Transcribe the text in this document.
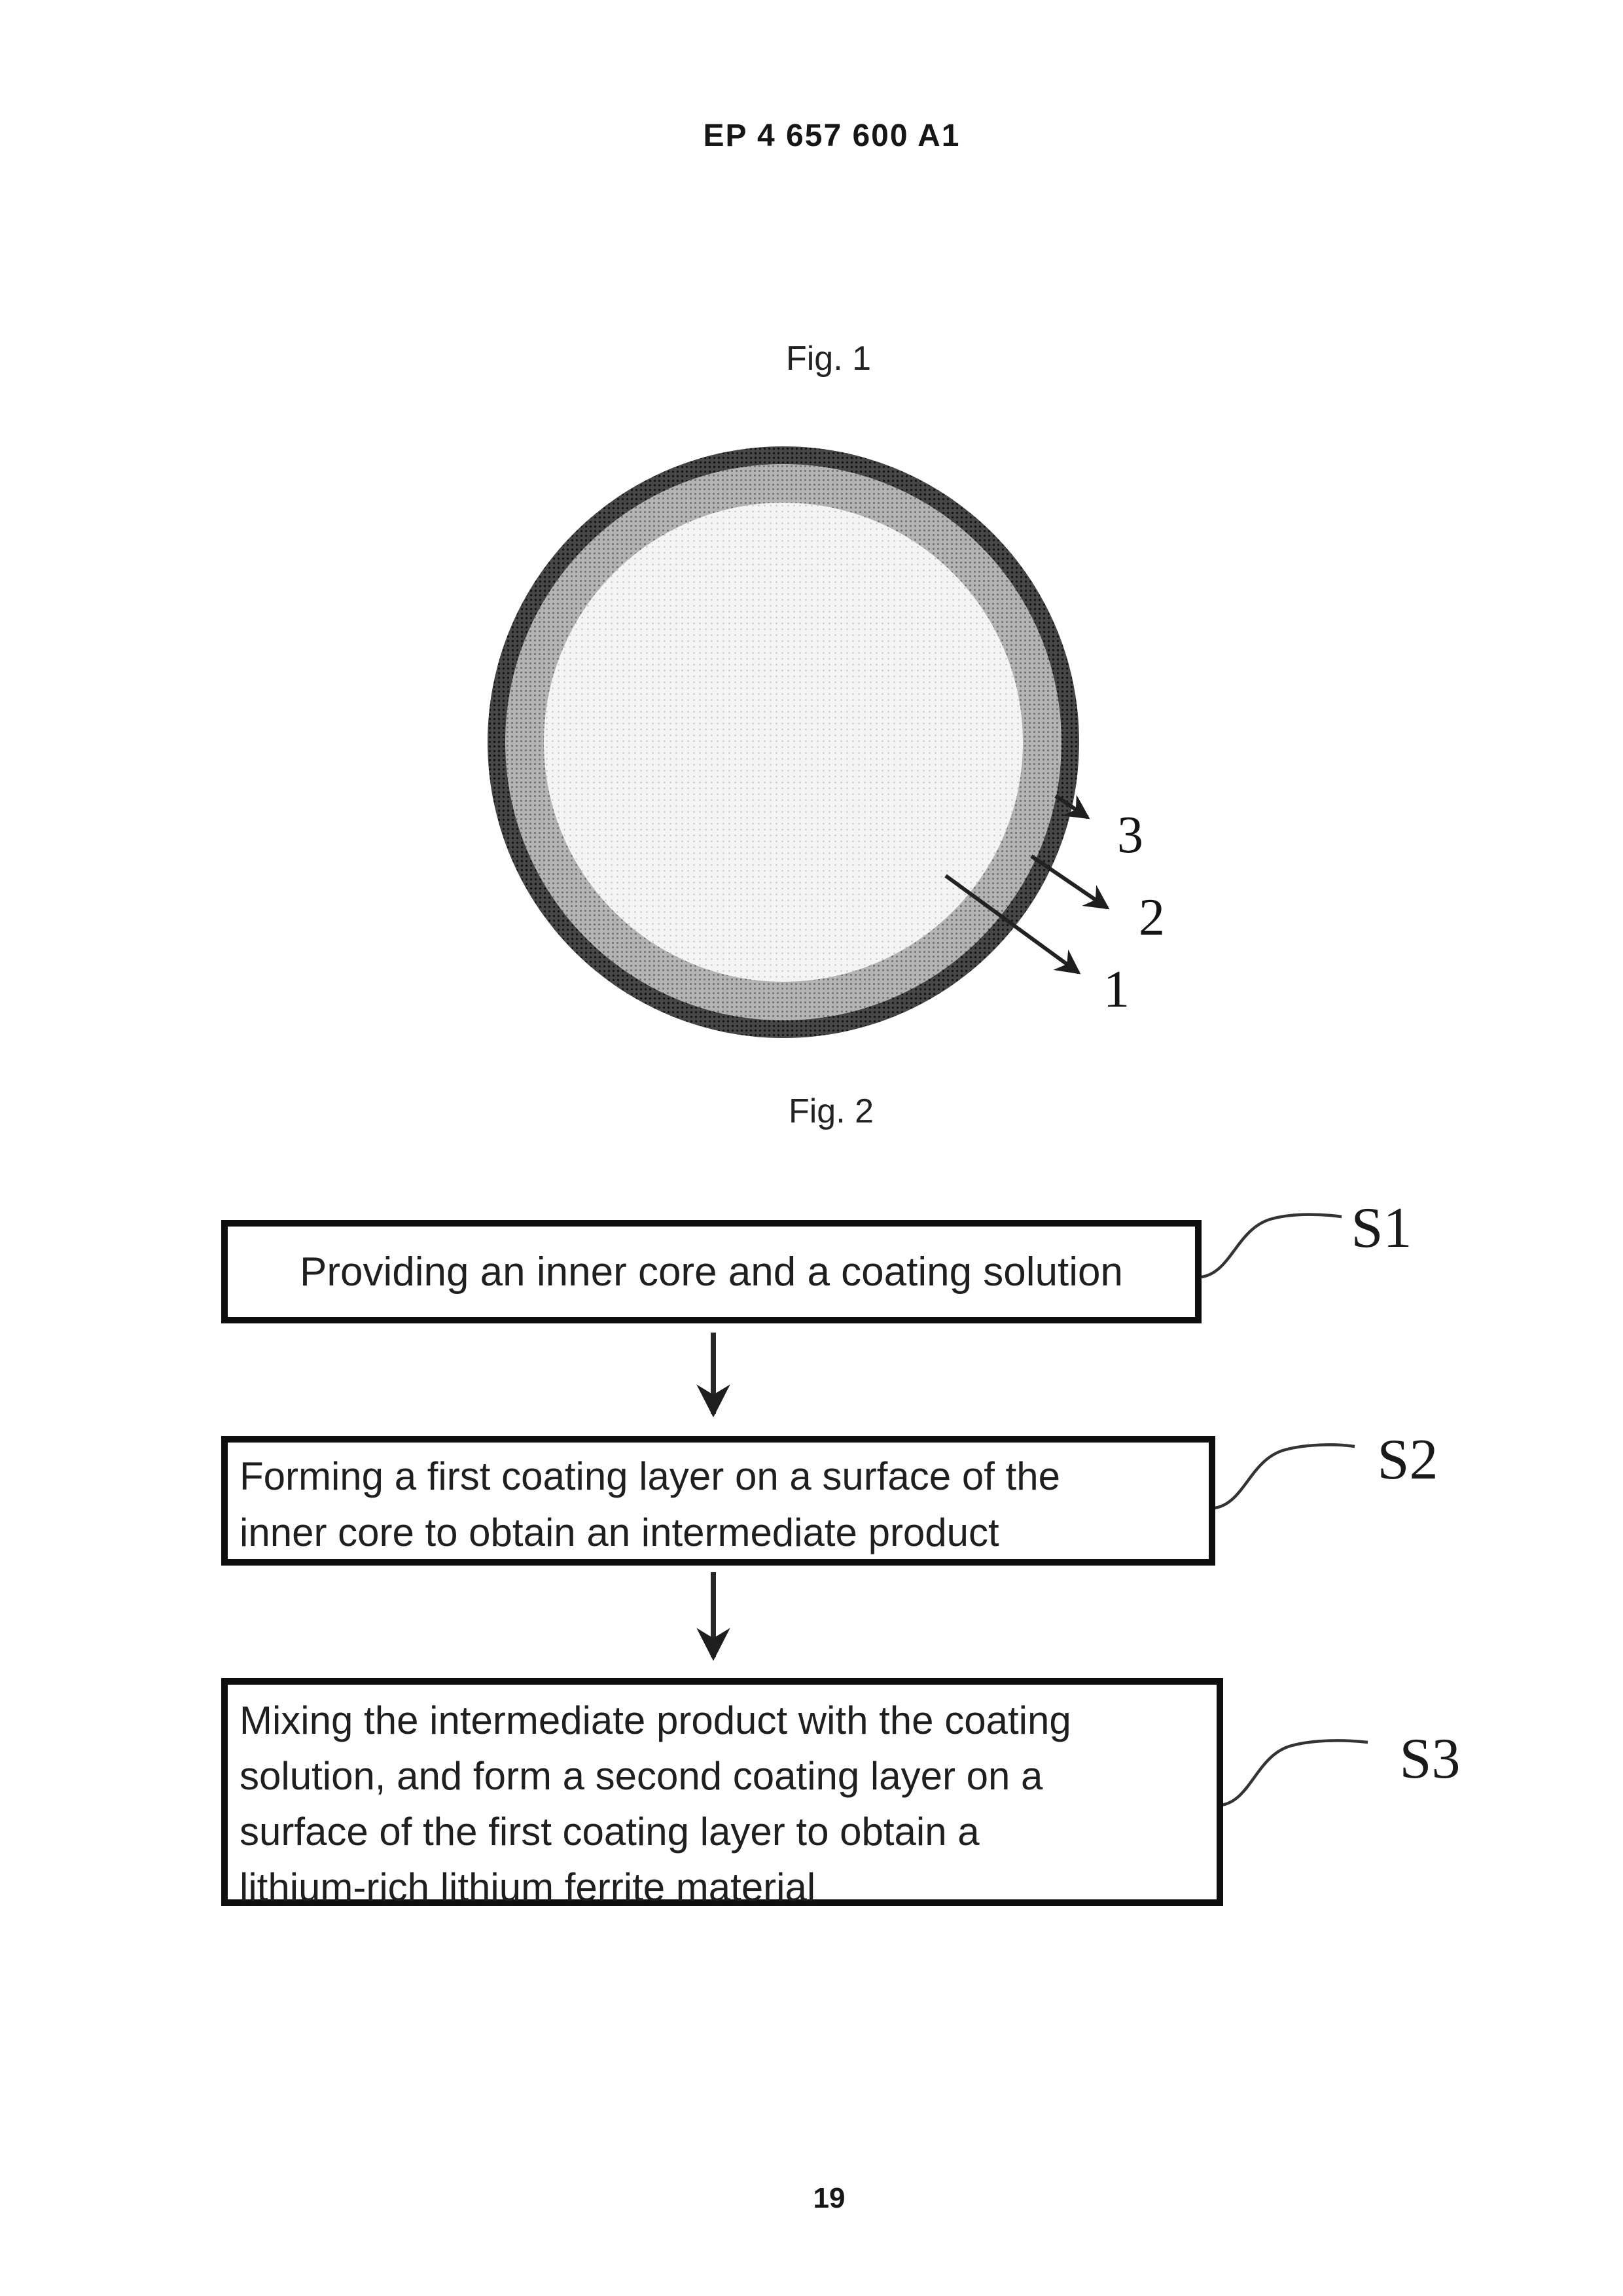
EP 4 657 600 A1
Fig. 1
3
2
1
Fig. 2
Providing an inner core and a coating solution
Forming a first coating layer on a surface of the
inner core to obtain an intermediate product
Mixing the intermediate product with the coating
solution, and form a second coating layer on a
surface of the first coating layer to obtain a
lithium-rich lithium ferrite material
S1
S2
S3
19
